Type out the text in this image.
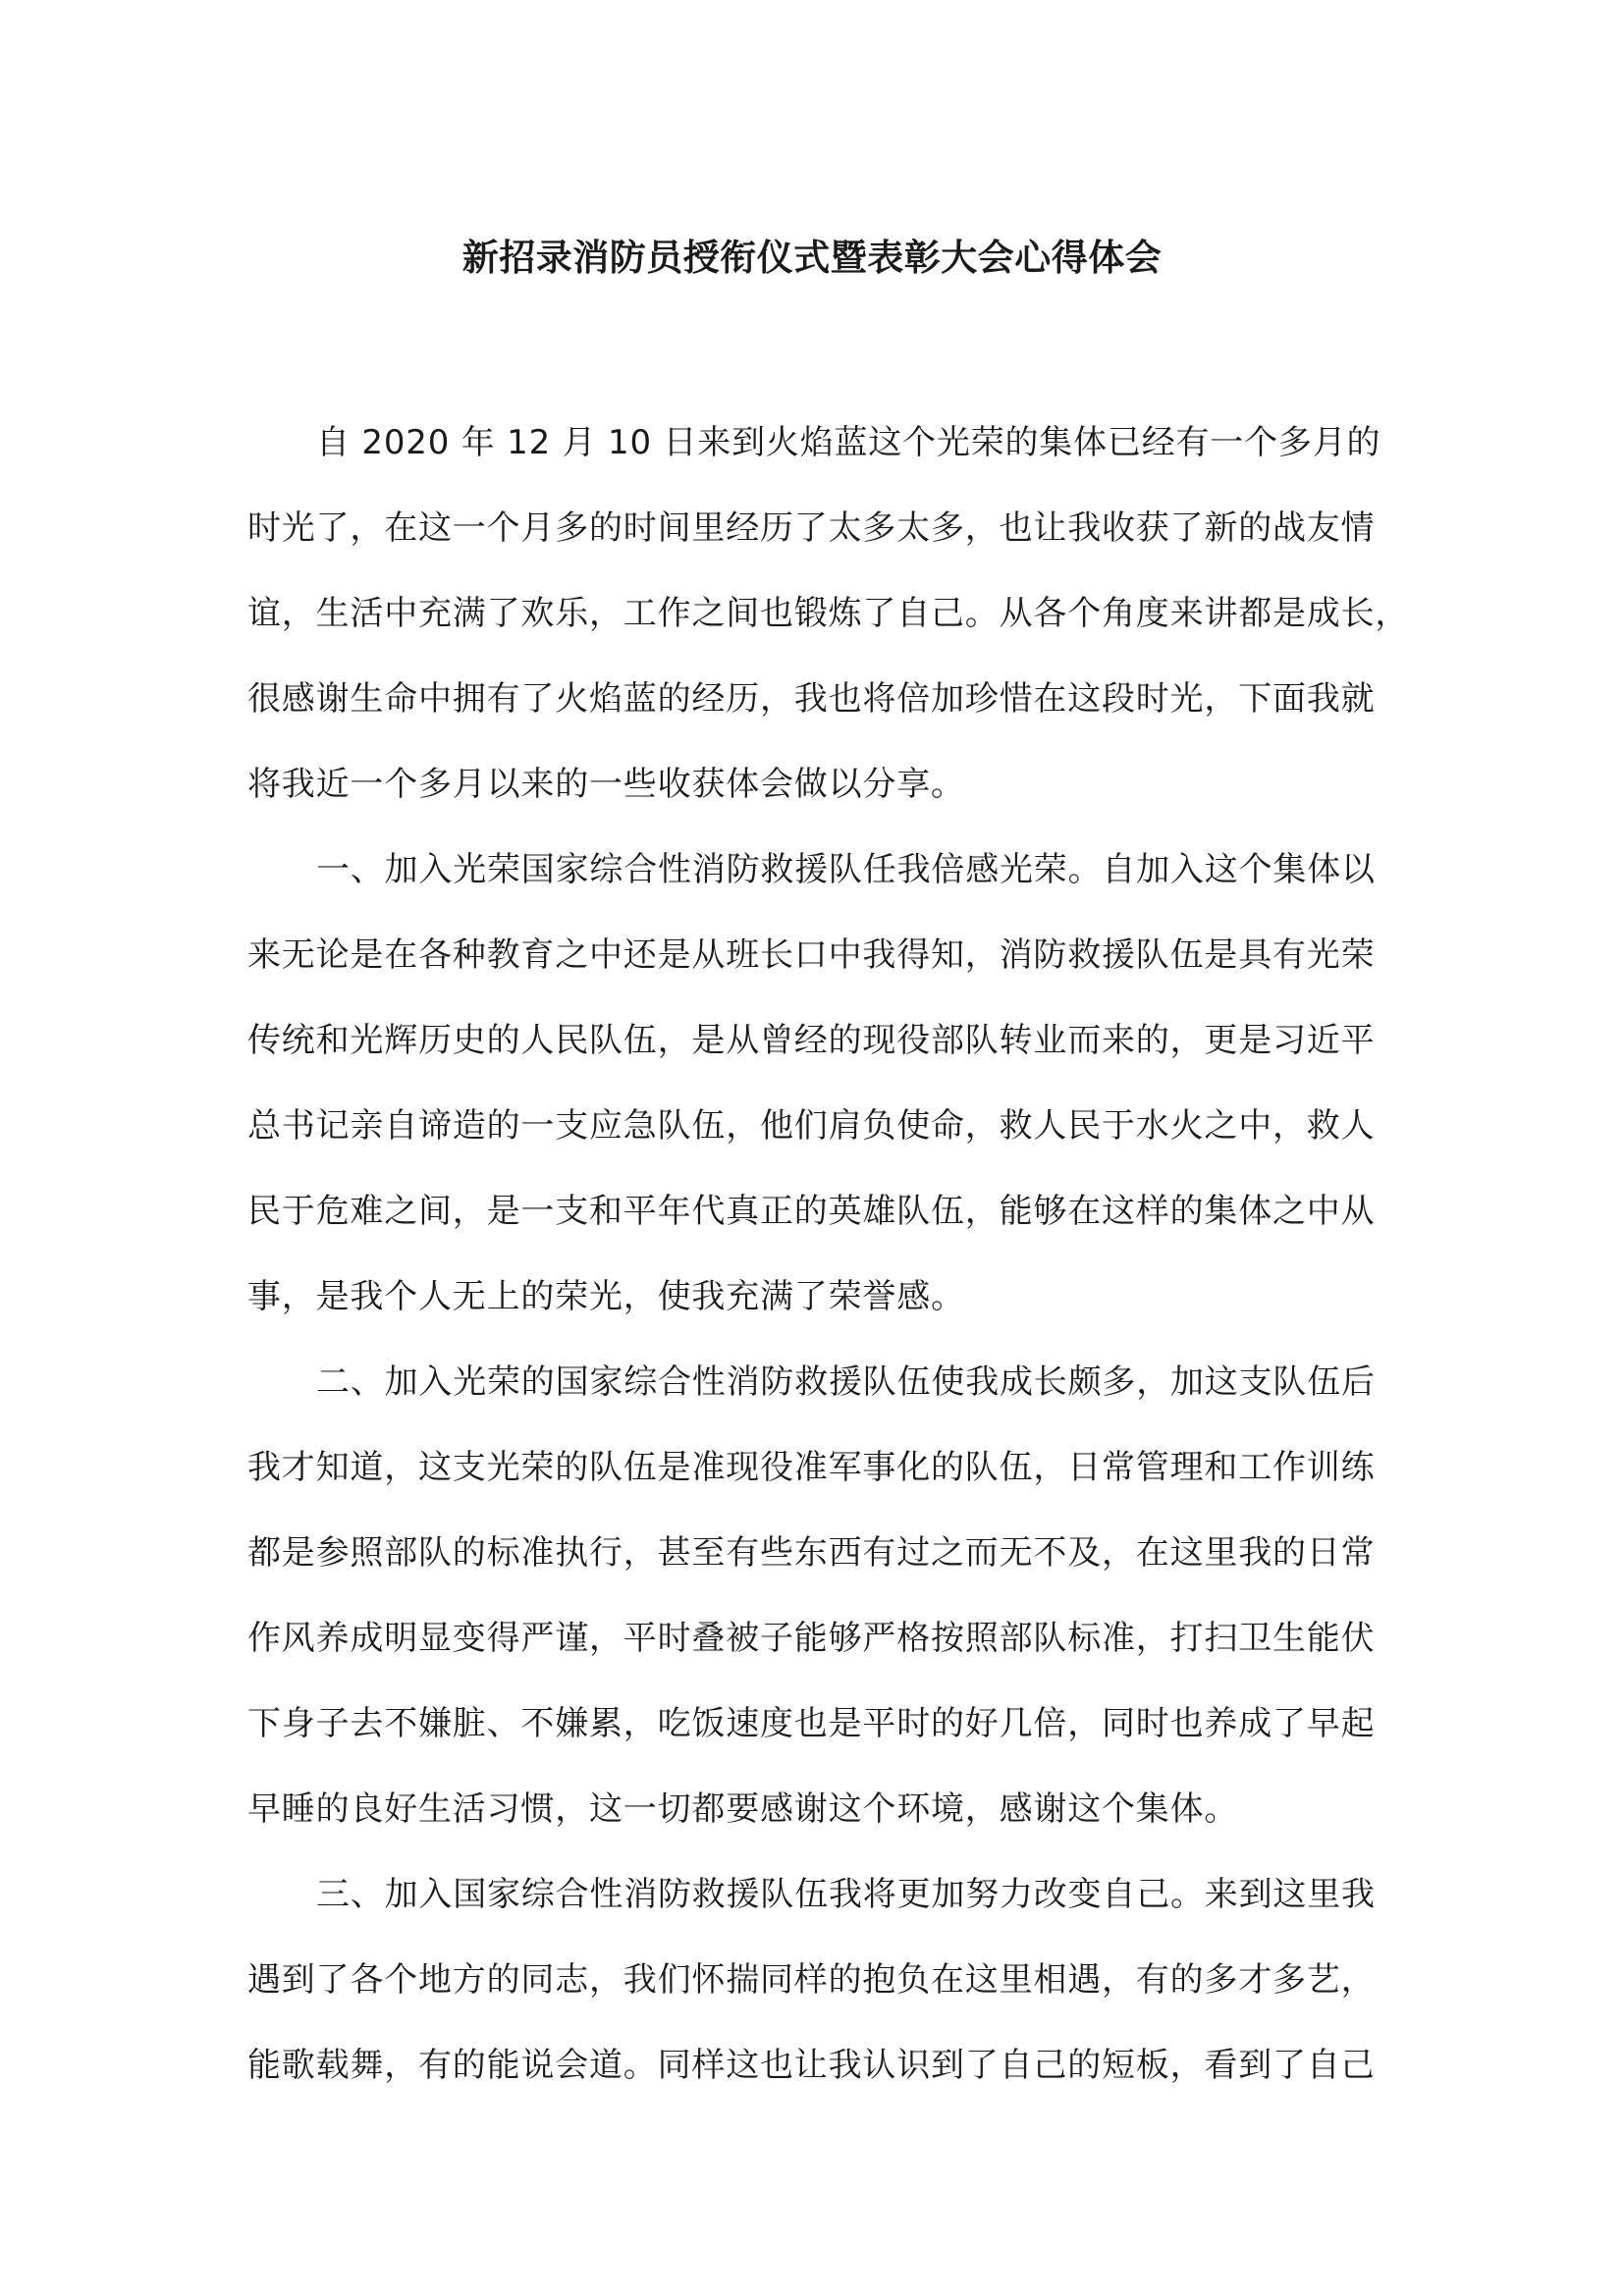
新招录消防员授衔仪式暨表彰大会心得体会
自 2020 年 12 月 10 日来到火焰蓝这个光荣的集体已经有一个多月的
时光了，在这一个月多的时间里经历了太多太多，也让我收获了新的战友情
谊，生活中充满了欢乐，工作之间也锻炼了自己。从各个角度来讲都是成长，
很感谢生命中拥有了火焰蓝的经历，我也将倍加珍惜在这段时光，下面我就
将我近一个多月以来的一些收获体会做以分享。
一、加入光荣国家综合性消防救援队任我倍感光荣。自加入这个集体以
来无论是在各种教育之中还是从班长口中我得知，消防救援队伍是具有光荣
传统和光辉历史的人民队伍，是从曾经的现役部队转业而来的，更是习近平
总书记亲自谛造的一支应急队伍，他们肩负使命，救人民于水火之中，救人
民于危难之间，是一支和平年代真正的英雄队伍，能够在这样的集体之中从
事，是我个人无上的荣光，使我充满了荣誉感。
二、加入光荣的国家综合性消防救援队伍使我成长颇多，加这支队伍后
我才知道，这支光荣的队伍是准现役准军事化的队伍，日常管理和工作训练
都是参照部队的标准执行，甚至有些东西有过之而无不及，在这里我的日常
作风养成明显变得严谨，平时叠被子能够严格按照部队标准，打扫卫生能伏
下身子去不嫌脏、不嫌累，吃饭速度也是平时的好几倍，同时也养成了早起
早睡的良好生活习惯，这一切都要感谢这个环境，感谢这个集体。
三、加入国家综合性消防救援队伍我将更加努力改变自己。来到这里我
遇到了各个地方的同志，我们怀揣同样的抱负在这里相遇，有的多才多艺，
能歌载舞，有的能说会道。同样这也让我认识到了自己的短板，看到了自己
